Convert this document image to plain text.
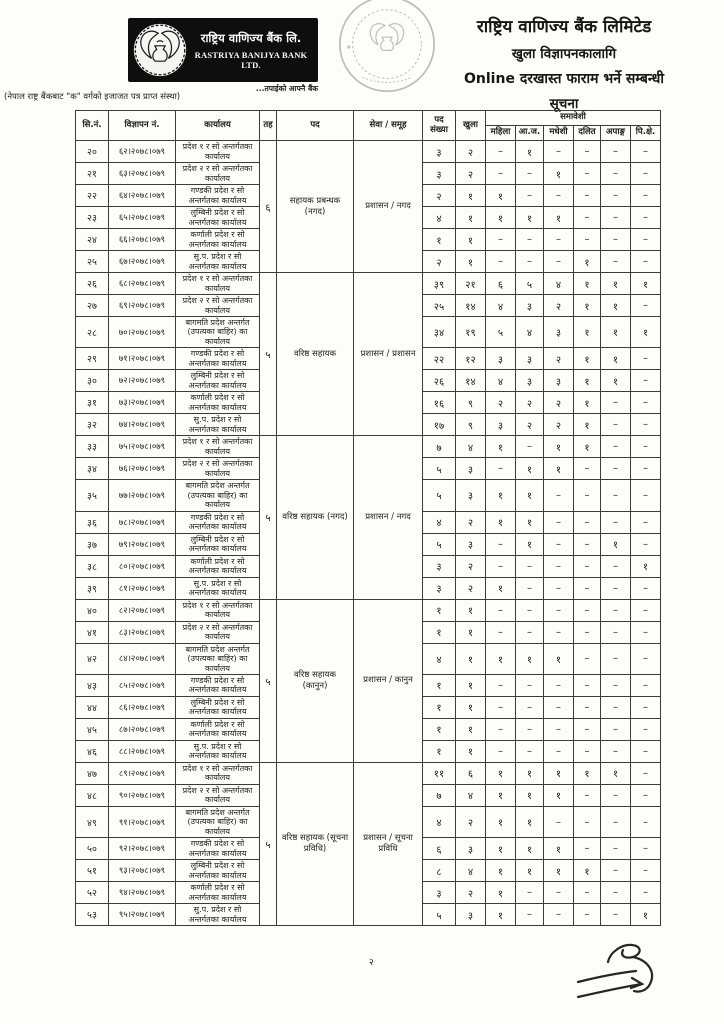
राष्ट्रिय वाणिज्य बैंक लि.
RASTRIYA BANIJYA BANK LTD.
...तपाईको आफ्नै बैंक
(नेपाल राष्ट्र बैंकबाट "क" वर्गको इजाजत पत्र प्राप्त संस्था)
राष्ट्रिय वाणिज्य बैंक लिमिटेड
खुला विज्ञापनकालागि
Online दरखास्त फाराम भर्ने सम्बन्धी
सूचना
सि.नं.	विज्ञापन नं.	कार्यालय	तह	पद	सेवा / समूह	पद संख्या	खुला	समावेशी					
								महिला	आ.ज.	मधेशी	दलित	अपाङ्ग	पि.क्षे.
२०	६२।२०७८।०७९	प्रदेश १ र सो अन्तर्गतका कार्यालय	६	सहायक प्रबन्धक (नगद)	प्रशासन / नगद	३	२	–	१	–	–	–	–
२१	६३।२०७८।०७९	प्रदेश २ र सो अन्तर्गतका कार्यालय				३	२	–	–	१	–	–	–
२२	६४।२०७८।०७९	गण्डकी प्रदेश र सो अन्तर्गतका कार्यालय				२	१	१	–	–	–	–	–
२३	६५।२०७८।०७९	लुम्बिनी प्रदेश र सो अन्तर्गतका कार्यालय				४	१	१	१	१	–	–	–
२४	६६।२०७८।०७९	कर्णाली प्रदेश र सो अन्तर्गतका कार्यालय				१	१	–	–	–	–	–	–
२५	६७।२०७८।०७९	सु.प. प्रदेश र सो अन्तर्गतका कार्यालय				२	१	–	–	–	१	–	–
२६	६८।२०७८।०७९	प्रदेश १ र सो अन्तर्गतका कार्यालय	५	वरिष्ठ सहायक	प्रशासन / प्रशासन	३९	२१	६	५	४	१	१	१
२७	६९।२०७८।०७९	प्रदेश २ र सो अन्तर्गतका कार्यालय				२५	१४	४	३	२	१	१	–
२८	७०।२०७८।०७९	बागमति प्रदेश अन्तर्गत (उपत्यका बाहिर) का कार्यालय				३४	१९	५	४	३	१	१	१
२९	७१।२०७८।०७९	गण्डकी प्रदेश र सो अन्तर्गतका कार्यालय				२२	१२	३	३	२	१	१	–
३०	७२।२०७८।०७९	लुम्बिनी प्रदेश र सो अन्तर्गतका कार्यालय				२६	१४	४	३	३	१	१	–
३१	७३।२०७८।०७९	कर्णाली प्रदेश र सो अन्तर्गतका कार्यालय				१६	९	२	२	२	१	–	–
३२	७४।२०७८।०७९	सु.प. प्रदेश र सो अन्तर्गतका कार्यालय				१७	९	३	२	२	१	–	–
३३	७५।२०७८।०७९	प्रदेश १ र सो अन्तर्गतका कार्यालय	५	वरिष्ठ सहायक (नगद)	प्रशासन / नगद	७	४	१	–	१	१	–	–
३४	७६।२०७८।०७९	प्रदेश २ र सो अन्तर्गतका कार्यालय				५	३	–	१	१	–	–	–
३५	७७।२०७८।०७९	बागमति प्रदेश अन्तर्गत (उपत्यका बाहिर) का कार्यालय				५	३	१	१	–	–	–	–
३६	७८।२०७८।०७९	गण्डकी प्रदेश र सो अन्तर्गतका कार्यालय				४	२	१	१	–	–	–	–
३७	७९।२०७८।०७९	लुम्बिनी प्रदेश र सो अन्तर्गतका कार्यालय				५	३	–	१	–	–	१	–
३८	८०।२०७८।०७९	कर्णाली प्रदेश र सो अन्तर्गतका कार्यालय				३	२	–	–	–	–	–	१
३९	८१।२०७८।०७९	सु.प. प्रदेश र सो अन्तर्गतका कार्यालय				३	२	१	–	–	–	–	–
४०	८२।२०७८।०७९	प्रदेश १ र सो अन्तर्गतका कार्यालय	५	वरिष्ठ सहायक (कानुन)	प्रशासन / कानुन	१	१	–	–	–	–	–	–
४१	८३।२०७८।०७९	प्रदेश २ र सो अन्तर्गतका कार्यालय				१	१	–	–	–	–	–	–
४२	८४।२०७८।०७९	बागमति प्रदेश अन्तर्गत (उपत्यका बाहिर) का कार्यालय				४	१	१	१	१	–	–	–
४३	८५।२०७८।०७९	गण्डकी प्रदेश र सो अन्तर्गतका कार्यालय				१	१	–	–	–	–	–	–
४४	८६।२०७८।०७९	लुम्बिनी प्रदेश र सो अन्तर्गतका कार्यालय				१	१	–	–	–	–	–	–
४५	८७।२०७८।०७९	कर्णाली प्रदेश र सो अन्तर्गतका कार्यालय				१	१	–	–	–	–	–	–
४६	८८।२०७८।०७९	सु.प. प्रदेश र सो अन्तर्गतका कार्यालय				१	१	–	–	–	–	–	–
४७	८९।२०७८।०७९	प्रदेश १ र सो अन्तर्गतका कार्यालय	५	वरिष्ठ सहायक (सूचना प्रविधि)	प्रशासन / सूचना प्रविधि	११	६	१	१	१	१	१	–
४८	९०।२०७८।०७९	प्रदेश २ र सो अन्तर्गतका कार्यालय				७	४	१	१	१	–	–	–
४९	९१।२०७८।०७९	बागमति प्रदेश अन्तर्गत (उपत्यका बाहिर) का कार्यालय				४	२	१	१	–	–	–	–
५०	९२।२०७८।०७९	गण्डकी प्रदेश र सो अन्तर्गतका कार्यालय				६	३	१	१	१	–	–	–
५१	९३।२०७८।०७९	लुम्बिनी प्रदेश र सो अन्तर्गतका कार्यालय				८	४	१	१	१	१	–	–
५२	९४।२०७८।०७९	कर्णाली प्रदेश र सो अन्तर्गतका कार्यालय				३	२	१	–	–	–	–	–
५३	९५।२०७८।०७९	सु.प. प्रदेश र सो अन्तर्गतका कार्यालय				५	३	१	–	–	–	–	१
२
